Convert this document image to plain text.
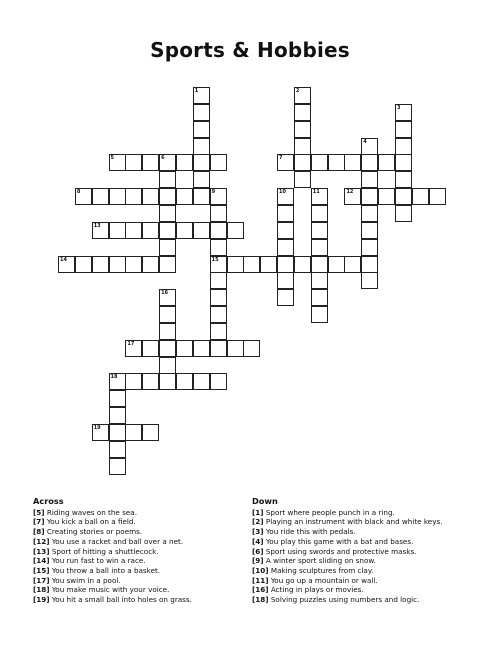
Sports & Hobbies
5	6	7
8	12
13
14	15
17
18
19
1	2
3
4
9	10	11
16
Across
[5] Riding waves on the sea.
[7] You kick a ball on a field.
[8] Creating stories or poems.
[12] You use a racket and ball over a net.
[13] Sport of hitting a shuttlecock.
[14] You run fast to win a race.
[15] You throw a ball into a basket.
[17] You swim in a pool.
[18] You make music with your voice.
[19] You hit a small ball into holes on grass.
Down
[1] Sport where people punch in a ring.
[2] Playing an instrument with black and white keys.
[3] You ride this with pedals.
[4] You play this game with a bat and bases.
[6] Sport using swords and protective masks.
[9] A winter sport sliding on snow.
[10] Making sculptures from clay.
[11] You go up a mountain or wall.
[16] Acting in plays or movies.
[18] Solving puzzles using numbers and logic.
